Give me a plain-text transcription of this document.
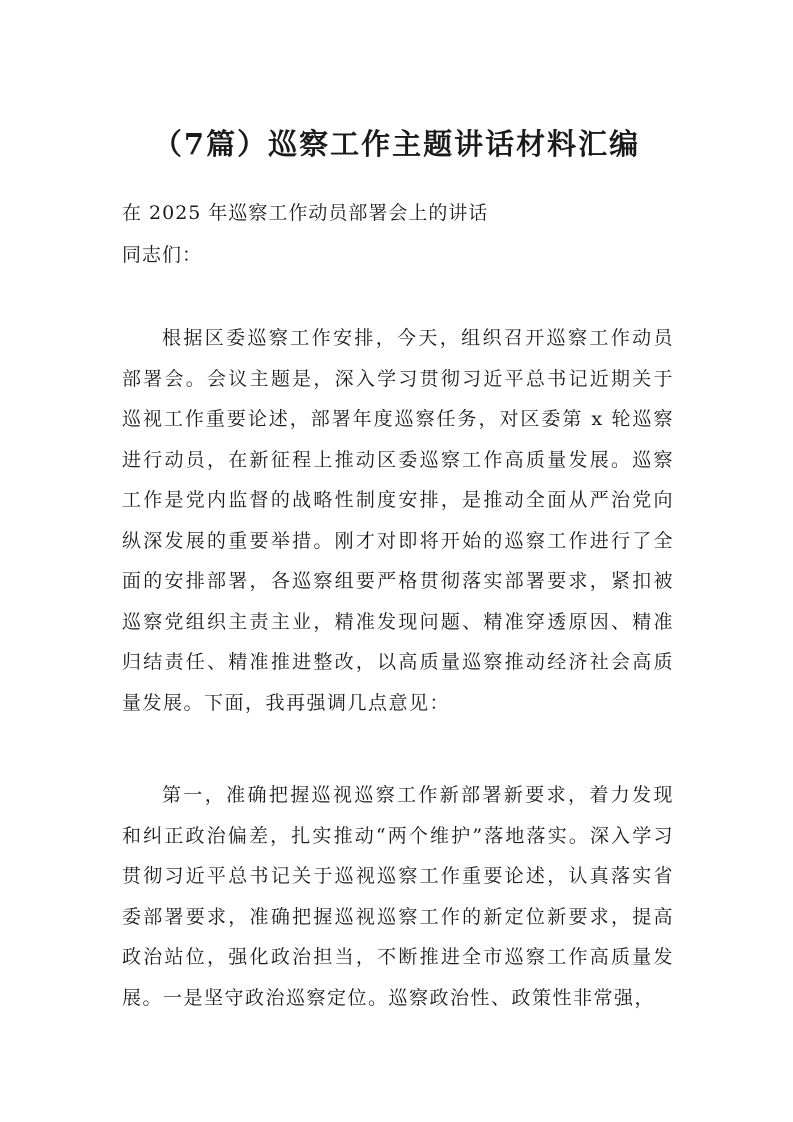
（7篇）巡察工作主题讲话材料汇编

在 2025 年巡察工作动员部署会上的讲话

同志们：

根据区委巡察工作安排，今天，组织召开巡察工作动员部署会。会议主题是，深入学习贯彻习近平总书记近期关于巡视工作重要论述，部署年度巡察任务，对区委第 x 轮巡察进行动员，在新征程上推动区委巡察工作高质量发展。巡察工作是党内监督的战略性制度安排，是推动全面从严治党向纵深发展的重要举措。刚才对即将开始的巡察工作进行了全面的安排部署，各巡察组要严格贯彻落实部署要求，紧扣被巡察党组织主责主业，精准发现问题、精准穿透原因、精准归结责任、精准推进整改，以高质量巡察推动经济社会高质量发展。下面，我再强调几点意见：

第一，准确把握巡视巡察工作新部署新要求，着力发现和纠正政治偏差，扎实推动“两个维护”落地落实。深入学习贯彻习近平总书记关于巡视巡察工作重要论述，认真落实省委部署要求，准确把握巡视巡察工作的新定位新要求，提高政治站位，强化政治担当，不断推进全市巡察工作高质量发展。一是坚守政治巡察定位。巡察政治性、政策性非常强，
